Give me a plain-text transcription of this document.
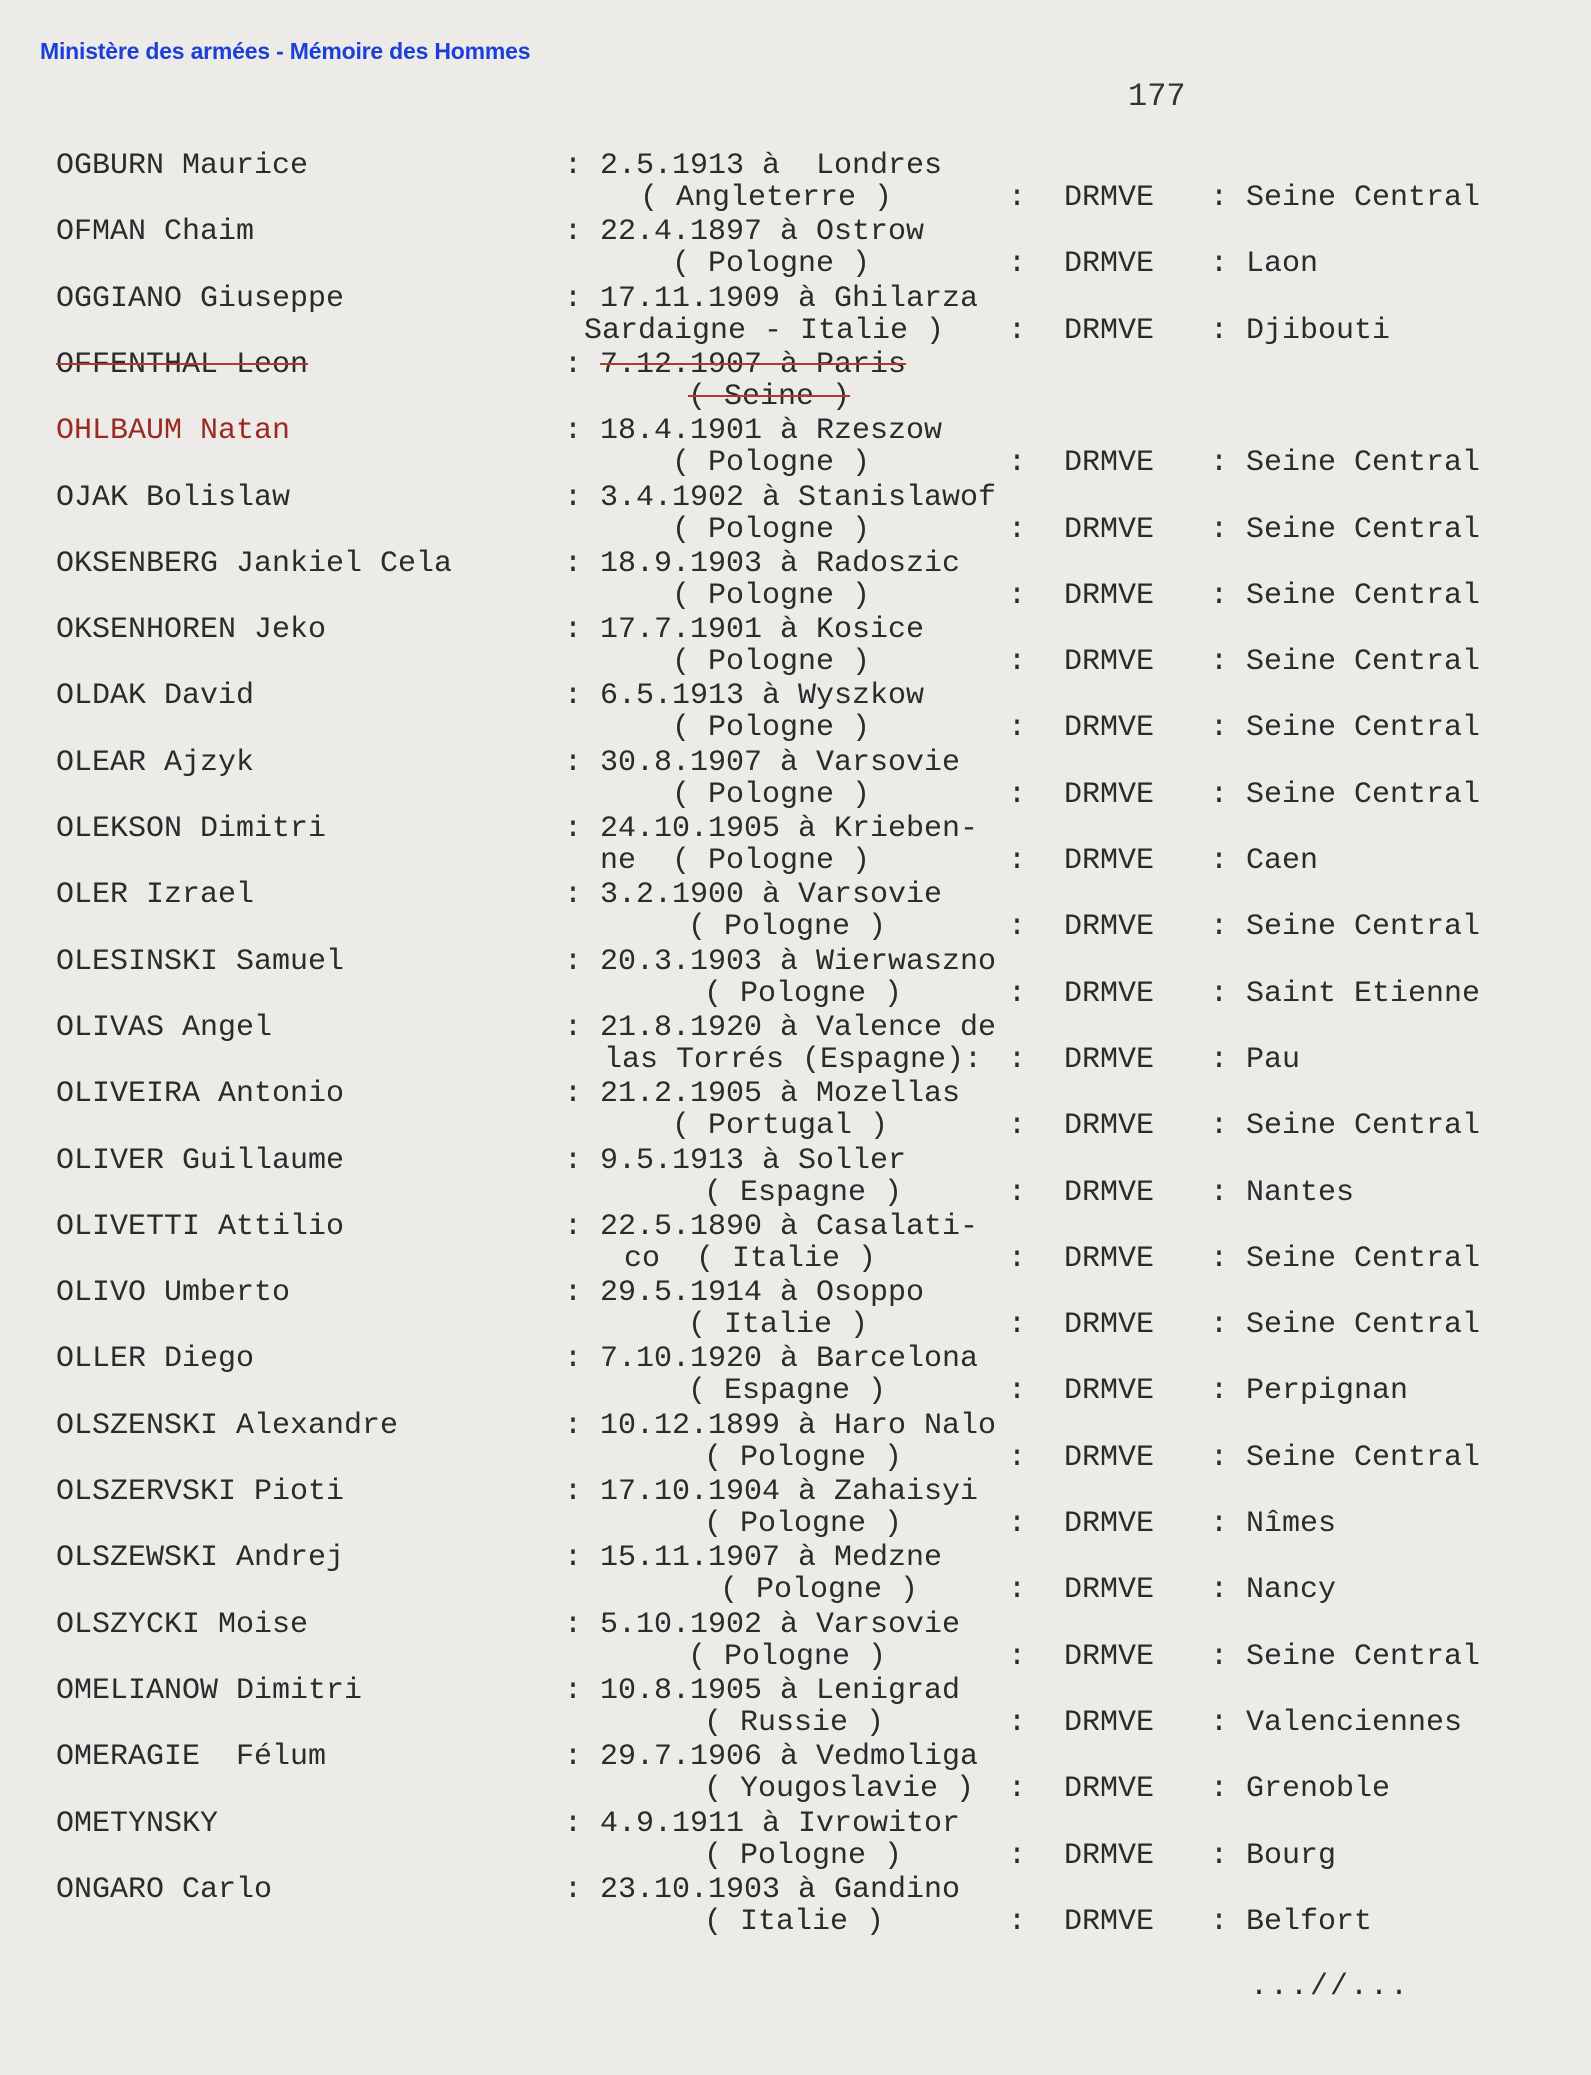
Ministère des armées - Mémoire des Hommes
177
OGBURN Maurice	: 2.5.1913 à  Londres
( Angleterre )	: DRMVE : Seine Central
OFMAN Chaim	: 22.4.1897 à Ostrow
( Pologne )	: DRMVE : Laon
OGGIANO Giuseppe	: 17.11.1909 à Ghilarza
Sardaigne - Italie ) : DRMVE : Djibouti
OFFENTHAL Leon	: 7.12.1907 à Paris
( Seine )
OHLBAUM Natan	: 18.4.1901 à Rzeszow
( Pologne )	: DRMVE : Seine Central
OJAK Bolislaw	: 3.4.1902 à Stanislawof
( Pologne )	: DRMVE : Seine Central
OKSENBERG Jankiel Cela	: 18.9.1903 à Radoszic
( Pologne )	: DRMVE : Seine Central
OKSENHOREN Jeko	: 17.7.1901 à Kosice
( Pologne )	: DRMVE : Seine Central
OLDAK David	: 6.5.1913 à Wyszkow
( Pologne )	: DRMVE : Seine Central
OLEAR Ajzyk	: 30.8.1907 à Varsovie
( Pologne )	: DRMVE : Seine Central
OLEKSON Dimitri	: 24.10.1905 à Krieben-
ne  ( Pologne )	: DRMVE : Caen
OLER Izrael	: 3.2.1900 à Varsovie
( Pologne )	: DRMVE : Seine Central
OLESINSKI Samuel	: 20.3.1903 à Wierwaszno
( Pologne )	: DRMVE : Saint Etienne
OLIVAS Angel	: 21.8.1920 à Valence de
las Torrés (Espagne): : DRMVE : Pau
OLIVEIRA Antonio	: 21.2.1905 à Mozellas
( Portugal )	: DRMVE : Seine Central
OLIVER Guillaume	: 9.5.1913 à Soller
( Espagne )	: DRMVE : Nantes
OLIVETTI Attilio	: 22.5.1890 à Casalati-
co  ( Italie )	: DRMVE : Seine Central
OLIVO Umberto	: 29.5.1914 à Osoppo
( Italie )	: DRMVE : Seine Central
OLLER Diego	: 7.10.1920 à Barcelona
( Espagne )	: DRMVE : Perpignan
OLSZENSKI Alexandre	: 10.12.1899 à Haro Nalo
( Pologne )	: DRMVE : Seine Central
OLSZERVSKI Pioti	: 17.10.1904 à Zahaisyi
( Pologne )	: DRMVE : Nîmes
OLSZEWSKI Andrej	: 15.11.1907 à Medzne
( Pologne )	: DRMVE : Nancy
OLSZYCKI Moise	: 5.10.1902 à Varsovie
( Pologne )	: DRMVE : Seine Central
OMELIANOW Dimitri	: 10.8.1905 à Lenigrad
( Russie )	: DRMVE : Valenciennes
OMERAGIE  Félum	: 29.7.1906 à Vedmoliga
( Yougoslavie ) : DRMVE : Grenoble
OMETYNSKY	: 4.9.1911 à Ivrowitor
( Pologne )	: DRMVE : Bourg
ONGARO Carlo	: 23.10.1903 à Gandino
( Italie )	: DRMVE : Belfort
...//...
